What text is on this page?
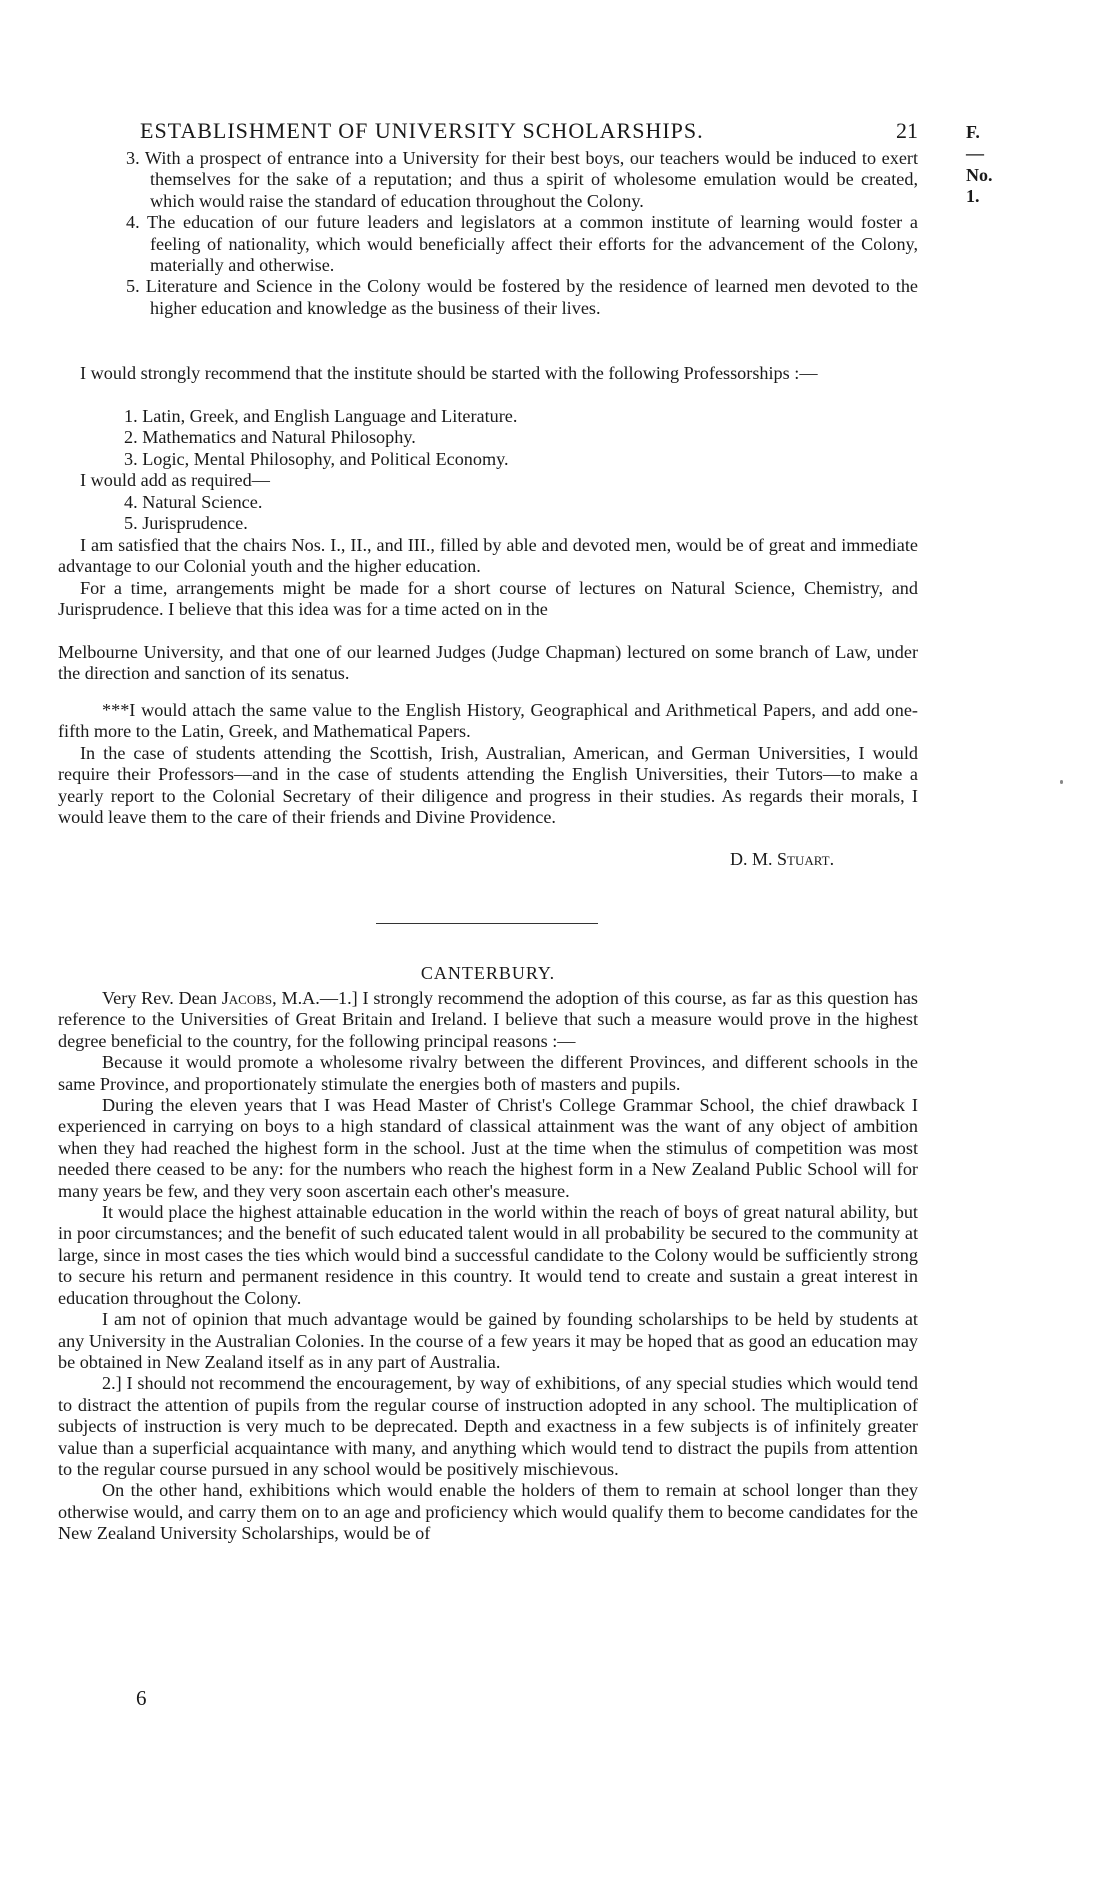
ESTABLISHMENT OF UNIVERSITY SCHOLARSHIPS.	21	F.—No. 1.

3. With a prospect of entrance into a University for their best boys, our teachers would be induced to exert themselves for the sake of a reputation; and thus a spirit of wholesome emulation would be created, which would raise the standard of education throughout the Colony.

4. The education of our future leaders and legislators at a common institute of learning would foster a feeling of nationality, which would beneficially affect their efforts for the advancement of the Colony, materially and otherwise.

5. Literature and Science in the Colony would be fostered by the residence of learned men devoted to the higher education and knowledge as the business of their lives.

I would strongly recommend that the institute should be started with the following Professorships :—

1. Latin, Greek, and English Language and Literature.

2. Mathematics and Natural Philosophy.

3. Logic, Mental Philosophy, and Political Economy.

I would add as required—

4. Natural Science.

5. Jurisprudence.

I am satisfied that the chairs Nos. I., II., and III., filled by able and devoted men, would be of great and immediate advantage to our Colonial youth and the higher education.

For a time, arrangements might be made for a short course of lectures on Natural Science, Chemistry, and Jurisprudence. I believe that this idea was for a time acted on in the

Melbourne University, and that one of our learned Judges (Judge Chapman) lectured on some branch of Law, under the direction and sanction of its senatus.

*⁣*⁣*I would attach the same value to the English History, Geographical and Arithmetical Papers, and add one-fifth more to the Latin, Greek, and Mathematical Papers.

In the case of students attending the Scottish, Irish, Australian, American, and German Universities, I would require their Professors—and in the case of students attending the English Universities, their Tutors—to make a yearly report to the Colonial Secretary of their diligence and progress in their studies. As regards their morals, I would leave them to the care of their friends and Divine Providence.

D. M. Stuart.
CANTERBURY.

Very Rev. Dean Jacobs, M.A.—1.] I strongly recommend the adoption of this course, as far as this question has reference to the Universities of Great Britain and Ireland. I believe that such a measure would prove in the highest degree beneficial to the country, for the following principal reasons :—

Because it would promote a wholesome rivalry between the different Provinces, and different schools in the same Province, and proportionately stimulate the energies both of masters and pupils.

During the eleven years that I was Head Master of Christ's College Grammar School, the chief drawback I experienced in carrying on boys to a high standard of classical attainment was the want of any object of ambition when they had reached the highest form in the school. Just at the time when the stimulus of competition was most needed there ceased to be any: for the numbers who reach the highest form in a New Zealand Public School will for many years be few, and they very soon ascertain each other's measure.

It would place the highest attainable education in the world within the reach of boys of great natural ability, but in poor circumstances; and the benefit of such educated talent would in all probability be secured to the community at large, since in most cases the ties which would bind a successful candidate to the Colony would be sufficiently strong to secure his return and permanent residence in this country. It would tend to create and sustain a great interest in education throughout the Colony.

I am not of opinion that much advantage would be gained by founding scholarships to be held by students at any University in the Australian Colonies. In the course of a few years it may be hoped that as good an education may be obtained in New Zealand itself as in any part of Australia.

2.] I should not recommend the encouragement, by way of exhibitions, of any special studies which would tend to distract the attention of pupils from the regular course of instruction adopted in any school. The multiplication of subjects of instruction is very much to be deprecated. Depth and exactness in a few subjects is of infinitely greater value than a superficial acquaintance with many, and anything which would tend to distract the pupils from attention to the regular course pursued in any school would be positively mischievous.

On the other hand, exhibitions which would enable the holders of them to remain at school longer than they otherwise would, and carry them on to an age and proficiency which would qualify them to become candidates for the New Zealand University Scholarships, would be of

6
